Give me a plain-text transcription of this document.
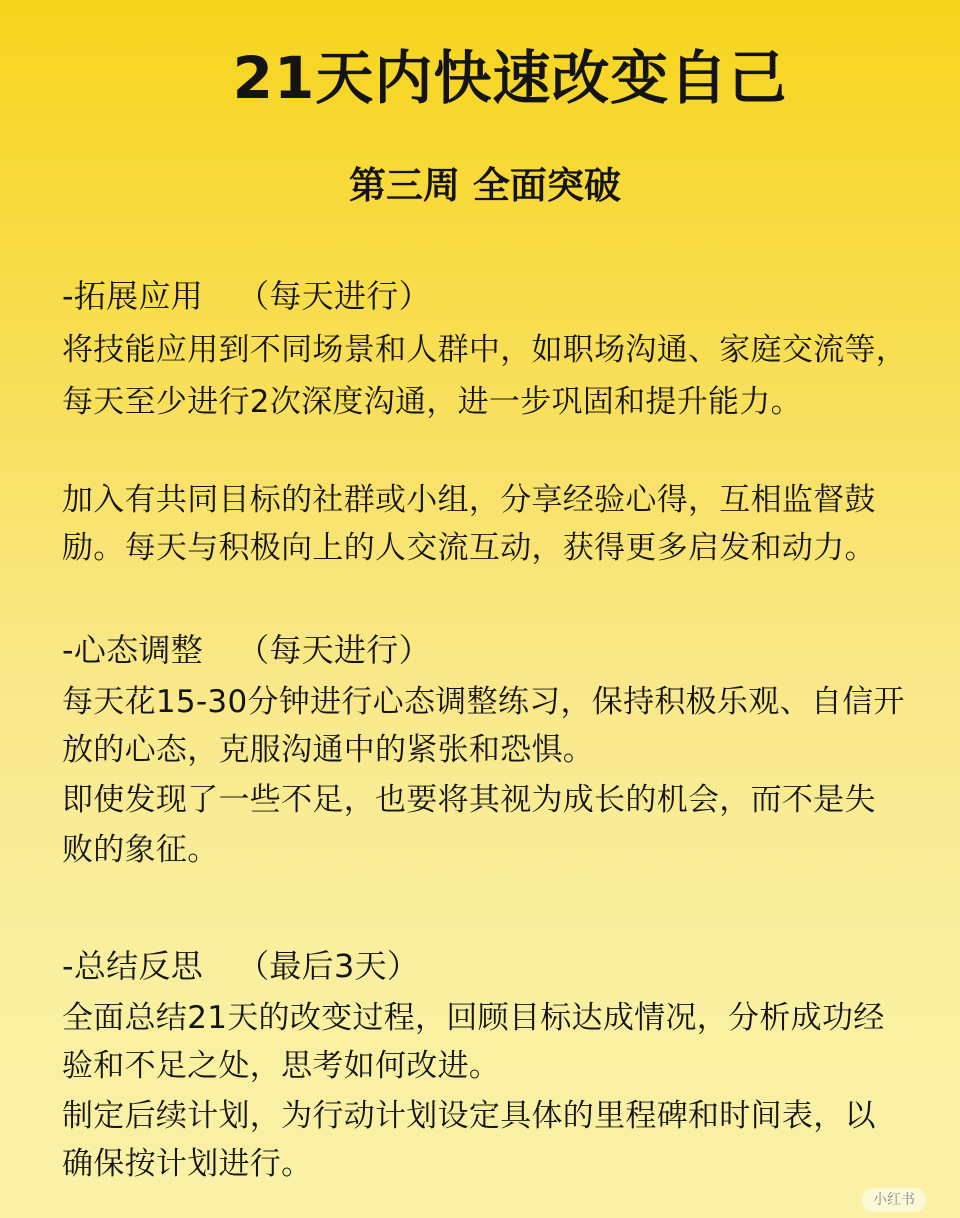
21天内快速改变自己
第三周 全面突破
-拓展应用 （每天进行）
将技能应用到不同场景和人群中，如职场沟通、家庭交流等，
每天至少进行2次深度沟通，进一步巩固和提升能力。
加入有共同目标的社群或小组，分享经验心得，互相监督鼓
励。每天与积极向上的人交流互动，获得更多启发和动力。
-心态调整 （每天进行）
每天花15-30分钟进行心态调整练习，保持积极乐观、自信开
放的心态，克服沟通中的紧张和恐惧。
即使发现了一些不足，也要将其视为成长的机会，而不是失
败的象征。
-总结反思 （最后3天）
全面总结21天的改变过程，回顾目标达成情况，分析成功经
验和不足之处，思考如何改进。
制定后续计划，为行动计划设定具体的里程碑和时间表，以
确保按计划进行。
小红书
